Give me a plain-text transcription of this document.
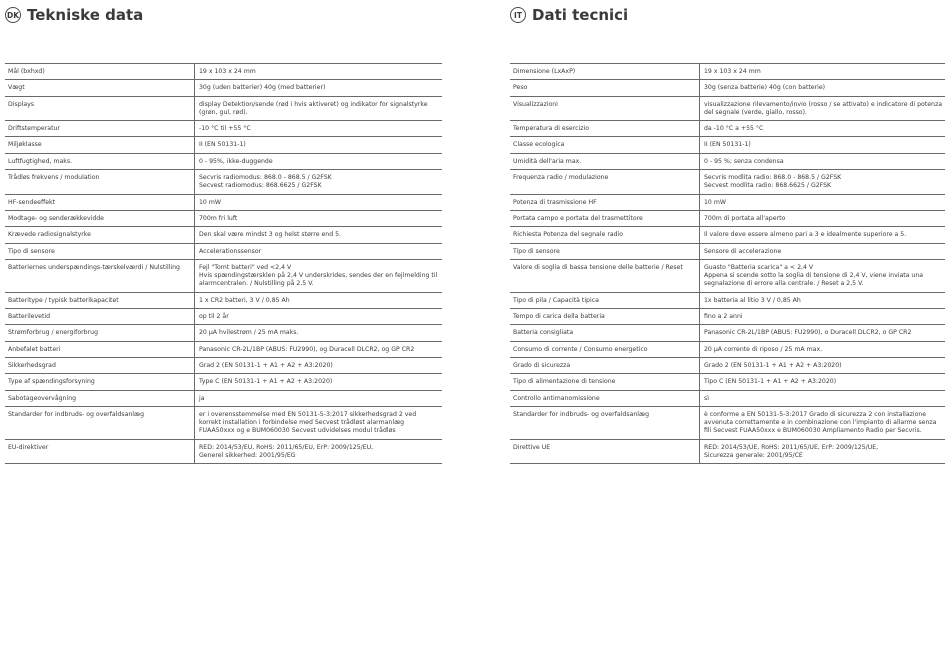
DK Tekniske data
Mål (bxhxd)	19 x 103 x 24 mm
Vægt	30g (uden batterier) 40g (med batterier)
Displays	display Detektion/sende (rød i hvis aktiveret) og indikator for signalstyrke (grøn, gul, rød).
Driftstemperatur	-10 °C til +55 °C
Miljøklasse	II (EN 50131-1)
Luftfugtighed, maks.	0 - 95%, ikke-duggende
Trådløs frekvens / modulation	Secvris radiomodus: 868.0 - 868.5 / G2FSK
Secvest radiomodus: 868.6625 / G2FSK
HF-sendeeffekt	10 mW
Modtage- og senderækkevidde	700m fri luft
Krævede radiosignalstyrke	Den skal være mindst 3 og helst større end 5.
Tipo di sensore	Accelerationssensor
Batteriernes underspændings-tærskelværdi / Nulstilling	Fejl "Tomt batteri" ved <2,4 V
Hvis spændingstærsklen på 2,4 V underskrides, sendes der en fejlmelding til alarmcentralen. / Nulstilling på 2,5 V.
Batteritype / typisk batterikapacitet	1 x CR2 batteri, 3 V / 0,85 Ah
Batterilevetid	op til 2 år
Strømforbrug / energiforbrug	20 µA hvilestrøm / 25 mA maks.
Anbefalet batteri	Panasonic CR-2L/1BP (ABUS: FU2990), og Duracell DLCR2, og GP CR2
Sikkerhedsgrad	Grad 2 (EN 50131-1 + A1 + A2 + A3:2020)
Type af spændingsforsyning	Type C (EN 50131-1 + A1 + A2 + A3:2020)
Sabotageovervågning	ja
Standarder for indbruds- og overfaldsanlæg	er i overensstemmelse med EN 50131-5-3:2017 sikkerhedsgrad 2 ved korrekt installation i forbindelse med Secvest trådløst alarmanlæg FUAA50xxx og e BUM060030 Secvest udvidelses modul trådløs
EU-direktiver	RED: 2014/53/EU, RoHS: 2011/65/EU, ErP: 2009/125/EU,
Generel sikkerhed: 2001/95/EG
IT Dati tecnici
Dimensione (LxAxP)	19 x 103 x 24 mm
Peso	30g (senza batterie) 40g (con batterie)
Visualizzazioni	visualizzazione rilevamento/invio (rosso / se attivato) e indicatore di potenza del segnale (verde, giallo, rosso).
Temperatura di esercizio	da -10 °C a +55 °C
Classe ecologica	II (EN 50131-1)
Umidità dell'aria max.	0 - 95 %; senza condensa
Frequenza radio / modulazione	Secvris modlita radio: 868.0 - 868.5 / G2FSK
Secvest modlita radio: 868.6625 / G2FSK
Potenza di trasmissione HF	10 mW
Portata campo e portata del trasmettitore	700m di portata all'aperto
Richiesta Potenza del segnale radio	Il valore deve essere almeno pari a 3 e idealmente superiore a 5.
Tipo di sensore	Sensore di accelerazione
Valore di soglia di bassa tensione delle batterie / Reset	Guasto "Batteria scarica" a < 2,4 V
Appena si scende sotto la soglia di tensione di 2,4 V, viene inviata una segnalazione di errore alla centrale. / Reset a 2,5 V.
Tipo di pila / Capacità tipica	1x batteria al litio 3 V / 0,85 Ah
Tempo di carica della batteria	fino a 2 anni
Batteria consigliata	Panasonic CR-2L/1BP (ABUS: FU2990), o Duracell DLCR2, o GP CR2
Consumo di corrente / Consumo energetico	20 µA corrente di riposo / 25 mA max.
Grado di sicurezza	Grado 2 (EN 50131-1 + A1 + A2 + A3:2020)
Tipo di alimentazione di tensione	Tipo C (EN 50131-1 + A1 + A2 + A3:2020)
Controllo antimanomissione	sì
Standarder for indbruds- og overfaldsanlæg	è conforme a EN 50131-5-3:2017 Grado di sicurezza 2 con installazione avvenuta correttamente e in combinazione con l'impianto di allarme senza fili Secvest FUAA50xxx e BUM060030 Ampliamento Radio per Secvris.
Direttive UE	RED: 2014/53/UE, RoHS: 2011/65/UE, ErP: 2009/125/UE,
Sicurezza generale: 2001/95/CE
